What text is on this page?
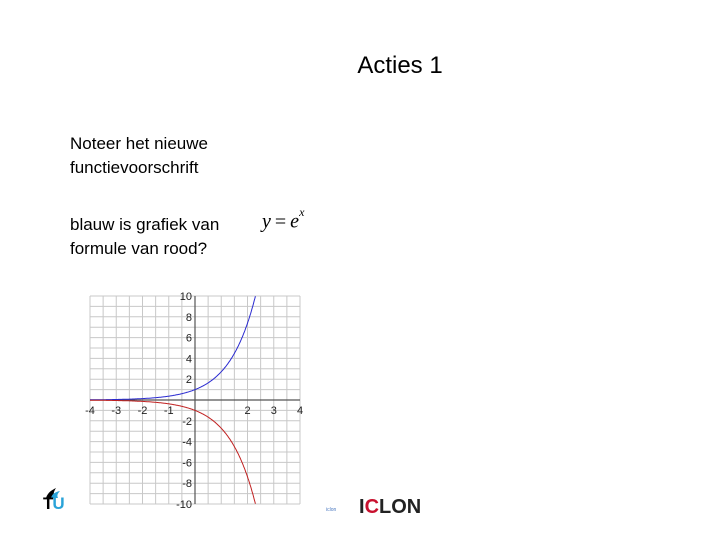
Acties 1
Noteer het nieuwe
functievoorschrift
blauw is grafiek van
formule van rood?
$y = e^x$
-4 -3 -2 -1	2 3 4
10
8
6
4
2
-2
-4
-6
-8
-10
TU	iclon ICLON
